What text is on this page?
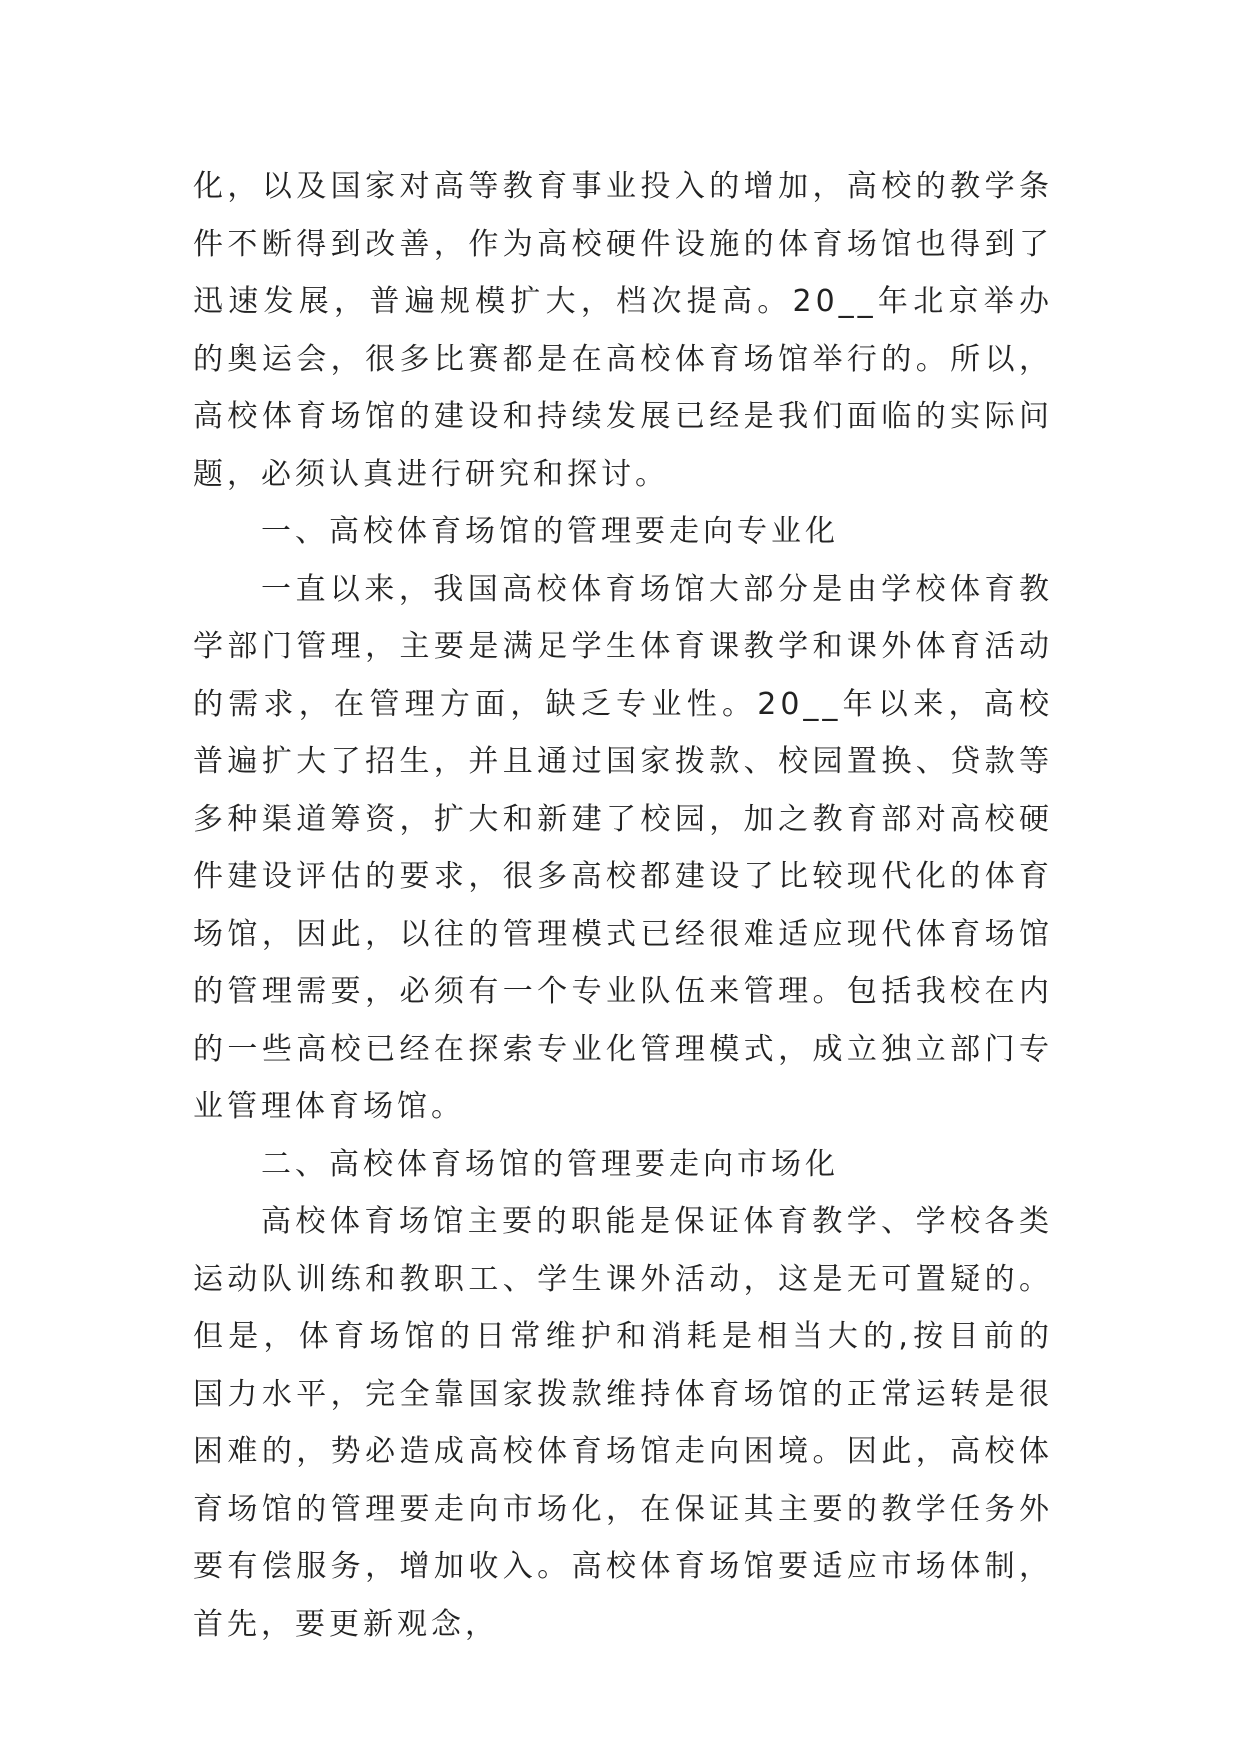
化，以及国家对高等教育事业投入的增加，高校的教学条件不断得到改善，作为高校硬件设施的体育场馆也得到了迅速发展，普遍规模扩大，档次提高。20__年北京举办的奥运会，很多比赛都是在高校体育场馆举行的。所以，高校体育场馆的建设和持续发展已经是我们面临的实际问题，必须认真进行研究和探讨。

一、高校体育场馆的管理要走向专业化

一直以来，我国高校体育场馆大部分是由学校体育教学部门管理，主要是满足学生体育课教学和课外体育活动的需求，在管理方面，缺乏专业性。20__年以来，高校普遍扩大了招生，并且通过国家拨款、校园置换、贷款等多种渠道筹资，扩大和新建了校园，加之教育部对高校硬件建设评估的要求，很多高校都建设了比较现代化的体育场馆，因此，以往的管理模式已经很难适应现代体育场馆的管理需要，必须有一个专业队伍来管理。包括我校在内的一些高校已经在探索专业化管理模式，成立独立部门专业管理体育场馆。

二、高校体育场馆的管理要走向市场化

高校体育场馆主要的职能是保证体育教学、学校各类运动队训练和教职工、学生课外活动，这是无可置疑的。但是，体育场馆的日常维护和消耗是相当大的,按目前的国力水平，完全靠国家拨款维持体育场馆的正常运转是很困难的，势必造成高校体育场馆走向困境。因此，高校体育场馆的管理要走向市场化，在保证其主要的教学任务外要有偿服务，增加收入。高校体育场馆要适应市场体制，首先，要更新观念，
